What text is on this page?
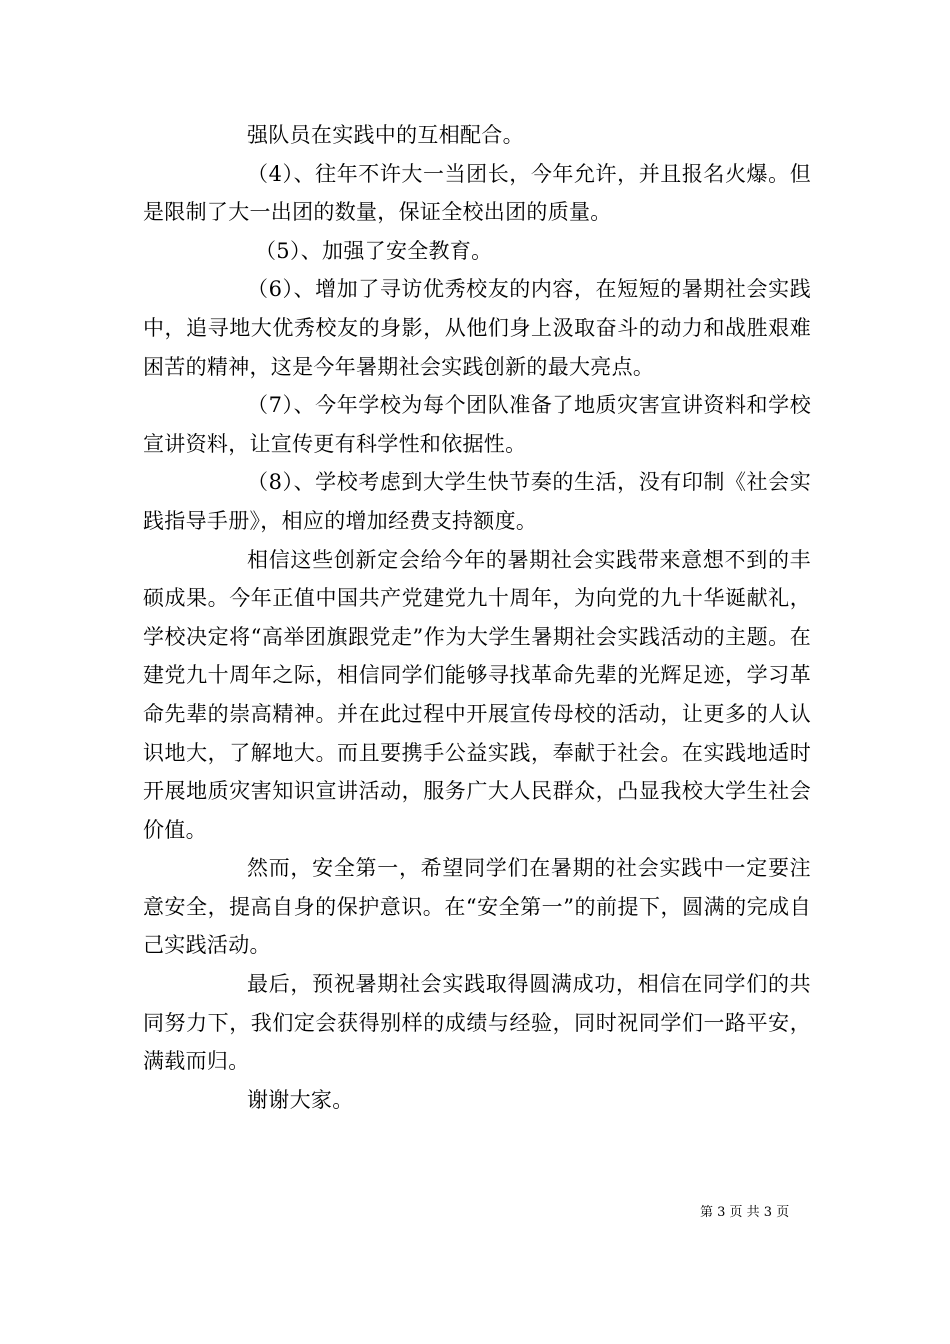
强队员在实践中的互相配合。

（4）、往年不许大一当团长，今年允许，并且报名火爆。但是限制了大一出团的数量，保证全校出团的质量。

（5）、加强了安全教育。

（6）、增加了寻访优秀校友的内容，在短短的暑期社会实践中，追寻地大优秀校友的身影，从他们身上汲取奋斗的动力和战胜艰难困苦的精神，这是今年暑期社会实践创新的最大亮点。

（7）、今年学校为每个团队准备了地质灾害宣讲资料和学校宣讲资料，让宣传更有科学性和依据性。

（8）、学校考虑到大学生快节奏的生活，没有印制《社会实践指导手册》，相应的增加经费支持额度。

相信这些创新定会给今年的暑期社会实践带来意想不到的丰硕成果。今年正值中国共产党建党九十周年，为向党的九十华诞献礼，学校决定将“高举团旗跟党走”作为大学生暑期社会实践活动的主题。在建党九十周年之际，相信同学们能够寻找革命先辈的光辉足迹，学习革命先辈的崇高精神。并在此过程中开展宣传母校的活动，让更多的人认识地大，了解地大。而且要携手公益实践，奉献于社会。在实践地适时开展地质灾害知识宣讲活动，服务广大人民群众，凸显我校大学生社会价值。

然而，安全第一，希望同学们在暑期的社会实践中一定要注意安全，提高自身的保护意识。在“安全第一”的前提下，圆满的完成自己实践活动。

最后，预祝暑期社会实践取得圆满成功，相信在同学们的共同努力下，我们定会获得别样的成绩与经验，同时祝同学们一路平安，满载而归。

谢谢大家。

第 3 页 共 3 页
